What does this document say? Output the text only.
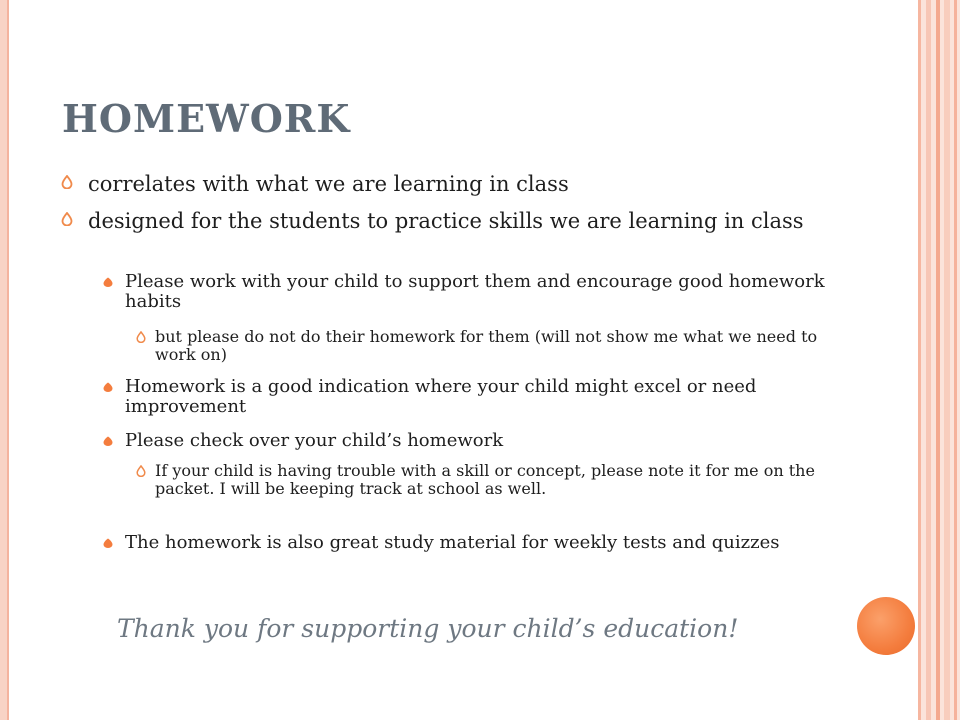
HOMEWORK
correlates with what we are learning in class
designed for the students to practice skills we are learning in class
Please work with your child to support them and encourage good homework habits
but please do not do their homework for them (will not show me what we need to work on)
Homework is a good indication where your child might excel or need improvement
Please check over your child’s homework
If your child is having trouble with a skill or concept, please note it for me on the packet. I will be keeping track at school as well.
The homework is also great study material for weekly tests and quizzes

Thank you for supporting your child’s education!
